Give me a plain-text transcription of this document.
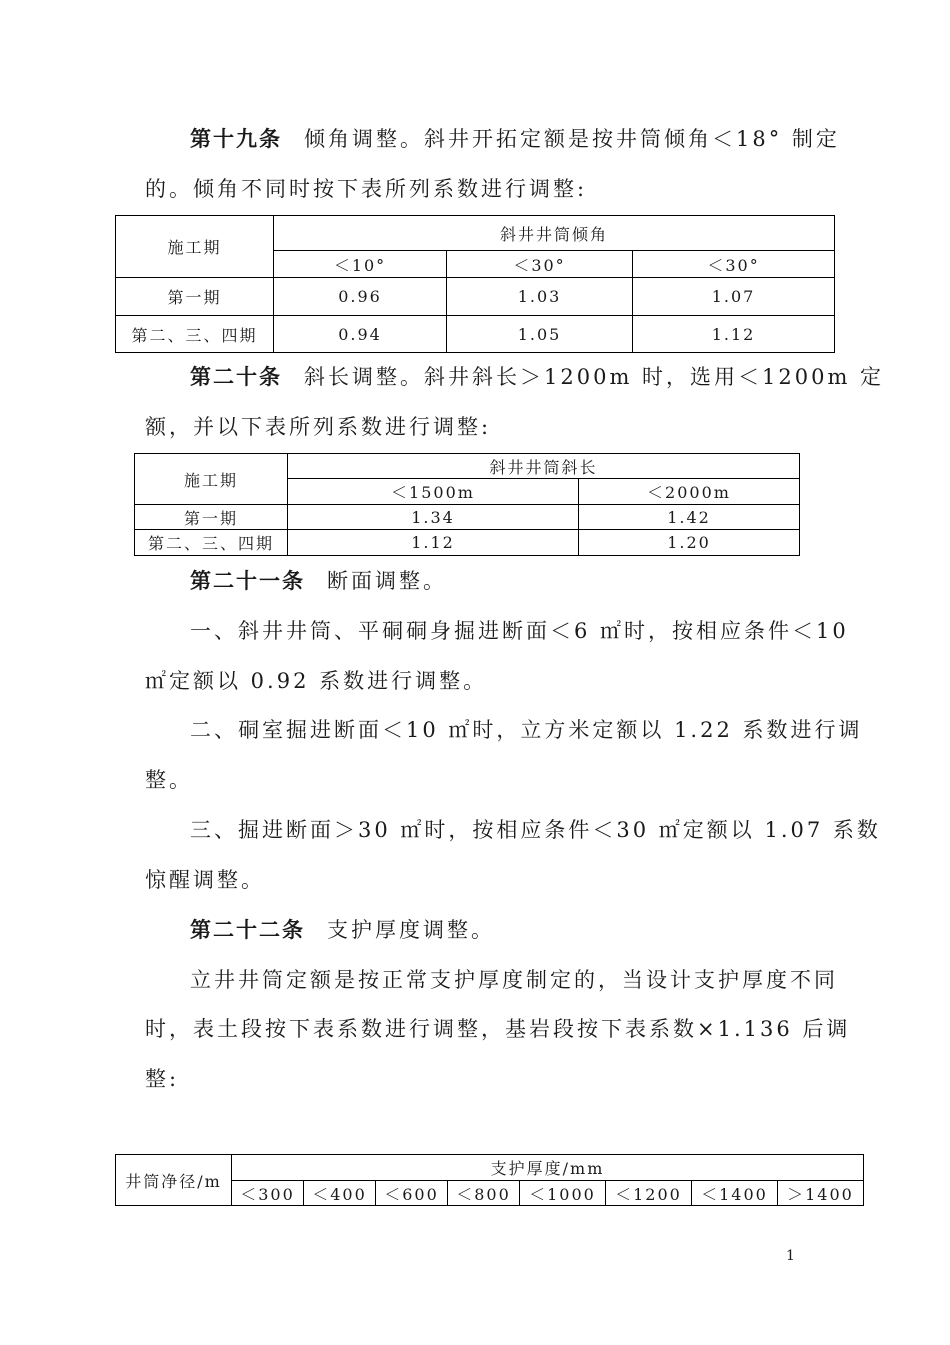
第十九条 倾角调整。斜井开拓定额是按井筒倾角＜18° 制定
的。倾角不同时按下表所列系数进行调整:
施工期	斜井井筒倾角		
	＜10°	＜30°	＜30°
第一期	0.96	1.03	1.07
第二、三、四期	0.94	1.05	1.12
第二十条 斜长调整。斜井斜长＞1200m 时，选用＜1200m 定
额，并以下表所列系数进行调整:
施工期	斜井井筒斜长	
	＜1500m	＜2000m
第一期	1.34	1.42
第二、三、四期	1.12	1.20
第二十一条 断面调整。
一、斜井井筒、平硐硐身掘进断面＜6 ㎡时，按相应条件＜10
㎡定额以 0.92 系数进行调整。
二、硐室掘进断面＜10 ㎡时，立方米定额以 1.22 系数进行调
整。
三、掘进断面＞30 ㎡时，按相应条件＜30 ㎡定额以 1.07 系数
惊醒调整。
第二十二条 支护厚度调整。
立井井筒定额是按正常支护厚度制定的，当设计支护厚度不同
时，表土段按下表系数进行调整，基岩段按下表系数×1.136 后调
整:
井筒净径/m	支护厚度/mm							
	＜300	＜400	＜600	＜800	＜1000	＜1200	＜1400	＞1400
1
